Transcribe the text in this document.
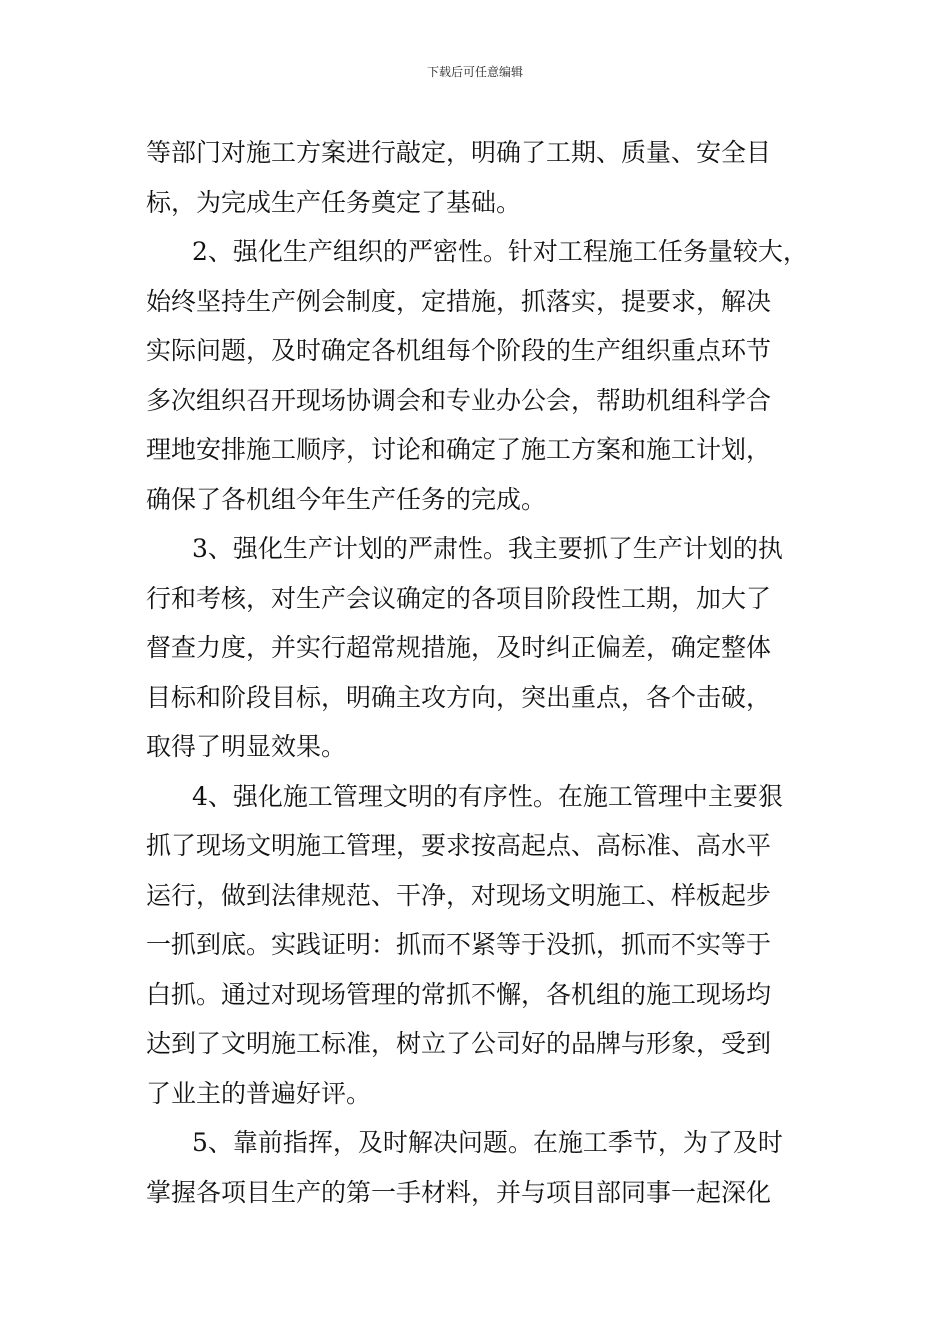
下载后可任意编辑
等部门对施工方案进行敲定，明确了工期、质量、安全目
标，为完成生产任务奠定了基础。
2、强化生产组织的严密性。针对工程施工任务量较大，
始终坚持生产例会制度，定措施，抓落实，提要求，解决
实际问题，及时确定各机组每个阶段的生产组织重点环节
多次组织召开现场协调会和专业办公会，帮助机组科学合
理地安排施工顺序，讨论和确定了施工方案和施工计划，
确保了各机组今年生产任务的完成。
3、强化生产计划的严肃性。我主要抓了生产计划的执
行和考核，对生产会议确定的各项目阶段性工期，加大了
督查力度，并实行超常规措施，及时纠正偏差，确定整体
目标和阶段目标，明确主攻方向，突出重点，各个击破，
取得了明显效果。
4、强化施工管理文明的有序性。在施工管理中主要狠
抓了现场文明施工管理，要求按高起点、高标准、高水平
运行，做到法律规范、干净，对现场文明施工、样板起步
一抓到底。实践证明：抓而不紧等于没抓，抓而不实等于
白抓。通过对现场管理的常抓不懈，各机组的施工现场均
达到了文明施工标准，树立了公司好的品牌与形象，受到
了业主的普遍好评。
5、靠前指挥，及时解决问题。在施工季节，为了及时
掌握各项目生产的第一手材料，并与项目部同事一起深化
